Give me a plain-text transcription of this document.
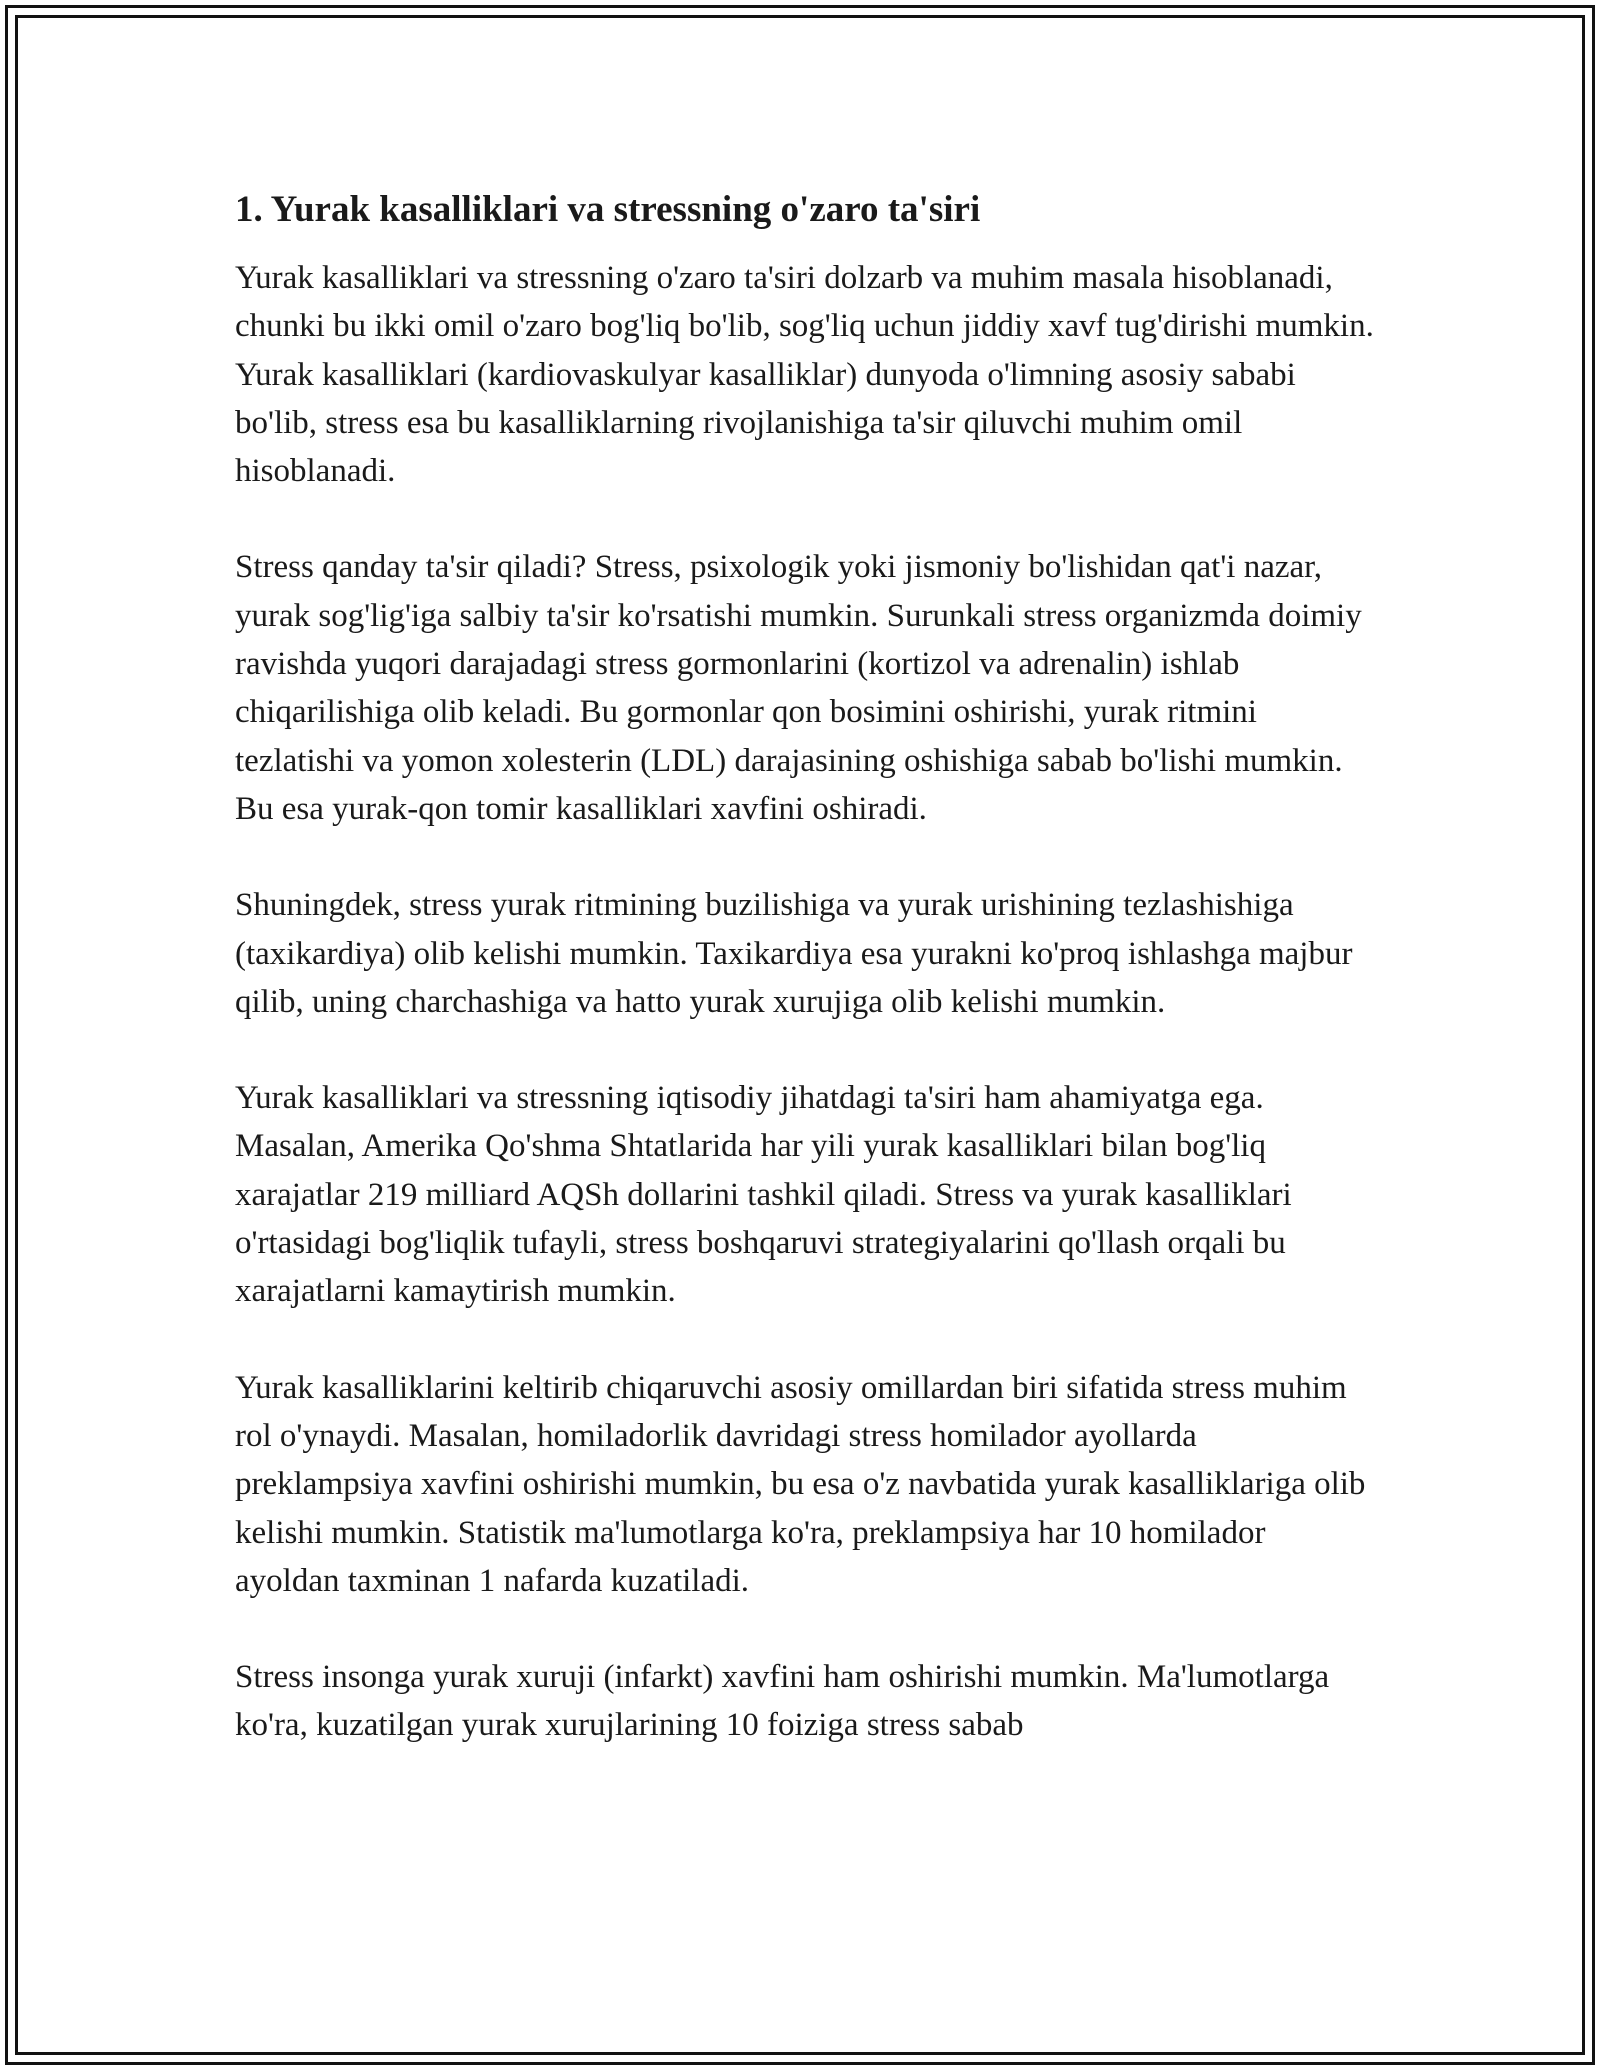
1. Yurak kasalliklari va stressning o'zaro ta'siri

Yurak kasalliklari va stressning o'zaro ta'siri dolzarb va muhim masala hisoblanadi, chunki bu ikki omil o'zaro bog'liq bo'lib, sog'liq uchun jiddiy xavf tug'dirishi mumkin. Yurak kasalliklari (kardiovaskulyar kasalliklar) dunyoda o'limning asosiy sababi bo'lib, stress esa bu kasalliklarning rivojlanishiga ta'sir qiluvchi muhim omil hisoblanadi.

Stress qanday ta'sir qiladi? Stress, psixologik yoki jismoniy bo'lishidan qat'i nazar, yurak sog'lig'iga salbiy ta'sir ko'rsatishi mumkin. Surunkali stress organizmda doimiy ravishda yuqori darajadagi stress gormonlarini (kortizol va adrenalin) ishlab chiqarilishiga olib keladi. Bu gormonlar qon bosimini oshirishi, yurak ritmini tezlatishi va yomon xolesterin (LDL) darajasining oshishiga sabab bo'lishi mumkin. Bu esa yurak-qon tomir kasalliklari xavfini oshiradi.

Shuningdek, stress yurak ritmining buzilishiga va yurak urishining tezlashishiga (taxikardiya) olib kelishi mumkin. Taxikardiya esa yurakni ko'proq ishlashga majbur qilib, uning charchashiga va hatto yurak xurujiga olib kelishi mumkin.

Yurak kasalliklari va stressning iqtisodiy jihatdagi ta'siri ham ahamiyatga ega. Masalan, Amerika Qo'shma Shtatlarida har yili yurak kasalliklari bilan bog'liq xarajatlar 219 milliard AQSh dollarini tashkil qiladi. Stress va yurak kasalliklari o'rtasidagi bog'liqlik tufayli, stress boshqaruvi strategiyalarini qo'llash orqali bu xarajatlarni kamaytirish mumkin.

Yurak kasalliklarini keltirib chiqaruvchi asosiy omillardan biri sifatida stress muhim rol o'ynaydi. Masalan, homiladorlik davridagi stress homilador ayollarda preklampsiya xavfini oshirishi mumkin, bu esa o'z navbatida yurak kasalliklariga olib kelishi mumkin. Statistik ma'lumotlarga ko'ra, preklampsiya har 10 homilador ayoldan taxminan 1 nafarda kuzatiladi.

Stress insonga yurak xuruji (infarkt) xavfini ham oshirishi mumkin. Ma'lumotlarga ko'ra, kuzatilgan yurak xurujlarining 10 foiziga stress sabab
